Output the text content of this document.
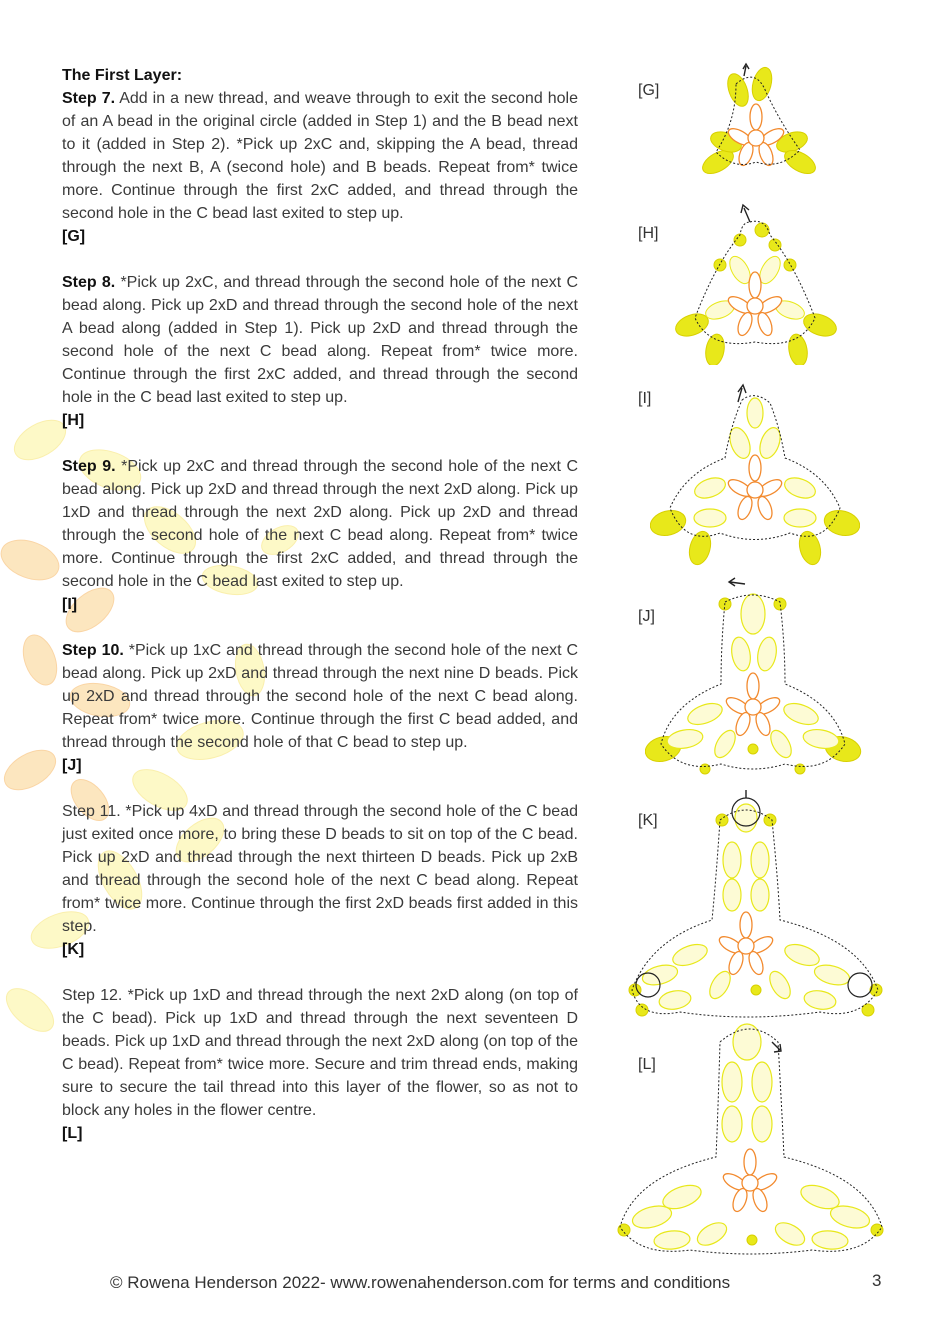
The First Layer:
Step 7. Add in a new thread, and weave through to exit the second hole of an A bead in the original circle (added in Step 1) and the B bead next to it (added in Step 2). *Pick up 2xC and, skipping the A bead, thread through the next B, A (second hole) and B beads. Repeat from* twice more. Continue through the first 2xC added, and thread through the second hole in the C bead last exited to step up.
[G]
Step 8. *Pick up 2xC, and thread through the second hole of the next C bead along. Pick up 2xD and thread through the second hole of the next A bead along (added in Step 1). Pick up 2xD and thread through the second hole of the next C bead along. Repeat from* twice more. Continue through the first 2xC added, and thread through the second hole in the C bead last exited to step up.
[H]
Step 9. *Pick up 2xC and thread through the second hole of the next C bead along. Pick up 2xD and thread through the next 2xD along. Pick up 1xD and thread through the next 2xD along. Pick up 2xD and thread through the second hole of the next C bead along. Repeat from* twice more. Continue through the first 2xC added, and thread through the second hole in the C bead last exited to step up.
[I]
Step 10. *Pick up 1xC and thread through the second hole of the next C bead along. Pick up 2xD and thread through the next nine D beads. Pick up 2xD and thread through the second hole of the next C bead along. Repeat from* twice more. Continue through the first C bead added, and thread through the second hole of that C bead to step up.
[J]
Step 11. *Pick up 4xD and thread through the second hole of the C bead just exited once more, to bring these D beads to sit on top of the C bead. Pick up 2xD and thread through the next thirteen D beads. Pick up 2xB and thread through the second hole of the next C bead along. Repeat from* twice more. Continue through the first 2xD beads first added in this step.
[K]
Step 12. *Pick up 1xD and thread through the next 2xD along (on top of the C bead). Pick up 1xD and thread through the next seventeen D beads. Pick up 1xD and thread through the next 2xD along (on top of the C bead). Repeat from* twice more. Secure and trim thread ends, making sure to secure the tail thread into this layer of the flower, so as not to block any holes in the flower centre.
[L]
[G]
[H]
[I]
[J]
[K]
[L]
© Rowena Henderson 2022- www.rowenahenderson.com for terms and conditions	3
